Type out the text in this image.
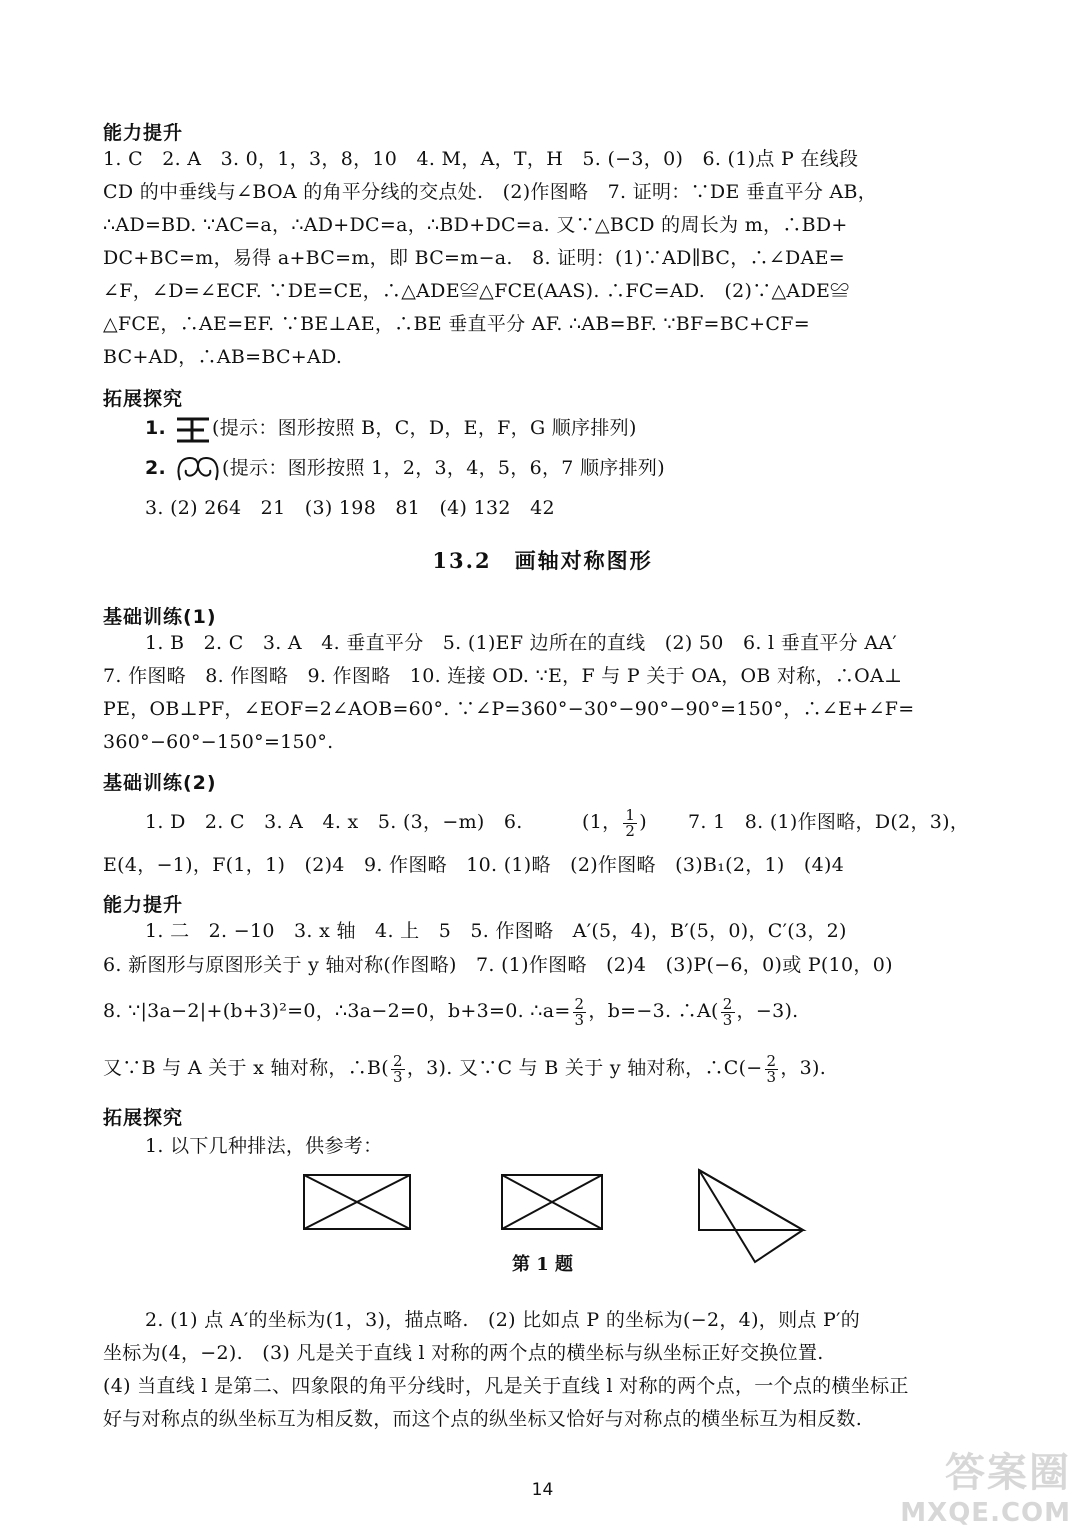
能力提升
1. C　2. A　3. 0，1，3，8，10　4. M，A，T，H　5. (−3，0)　6. (1)点 P 在线段
CD 的中垂线与∠BOA 的角平分线的交点处.　(2)作图略　7. 证明：∵DE 垂直平分 AB，
∴AD=BD. ∵AC=a，∴AD+DC=a，∴BD+DC=a. 又∵△BCD 的周长为 m，∴BD+
DC+BC=m，易得 a+BC=m，即 BC=m−a.　8. 证明：(1)∵AD∥BC，∴∠DAE=
∠F，∠D=∠ECF. ∵DE=CE，∴△ADE≌△FCE(AAS). ∴FC=AD.　(2)∵△ADE≌
△FCE，∴AE=EF. ∵BE⊥AE，∴BE 垂直平分 AF. ∴AB=BF. ∵BF=BC+CF=
BC+AD，∴AB=BC+AD.
拓展探究
1. (提示：图形按照 B，C，D，E，F，G 顺序排列)
2.	(提示：图形按照 1，2，3，4，5，6，7 顺序排列)
3. (2) 264　21　(3) 198　81　(4) 132　42
13.2　画轴对称图形
基础训练(1)
1. B　2. C　3. A　4. 垂直平分　5. (1)EF 边所在的直线　(2) 50　6. l 垂直平分 AA′
7. 作图略　8. 作图略　9. 作图略　10. 连接 OD. ∵E，F 与 P 关于 OA，OB 对称，∴OA⊥
PE，OB⊥PF，∠EOF=2∠AOB=60°. ∵∠P=360°−30°−90°−90°=150°，∴∠E+∠F=
360°−60°−150°=150°.
基础训练(2)
1. D　2. C　3. A　4. x　5. (3，−m)　6.	(1， $\frac{1}{2}$ ) 7. 1　8. (1)作图略，D(2，3)，
E(4，−1)，F(1，1)　(2)4　9. 作图略　10. (1)略　(2)作图略　(3)B₁(2，1)　(4)4
能力提升
1. 二　2. −10　3. x 轴　4. 上　5　5. 作图略　A′(5，4)，B′(5，0)，C′(3，2)
6. 新图形与原图形关于 y 轴对称(作图略)　7. (1)作图略　(2)4　(3)P(−6，0)或 P(10，0)
8. ∵|3a−2|+(b+3)²=0，∴3a−2=0，b+3=0. ∴a= $\frac{2}{3}$ ，b=−3. ∴A( $\frac{2}{3}$ ，−3).
又∵B 与 A 关于 x 轴对称，∴B( $\frac{2}{3}$ ，3). 又∵C 与 B 关于 y 轴对称，∴C(− $\frac{2}{3}$ ，3).
拓展探究
1. 以下几种排法，供参考：
第 1 题
2. (1) 点 A′的坐标为(1，3)，描点略.　(2) 比如点 P 的坐标为(−2，4)，则点 P′的
坐标为(4，−2).　(3) 凡是关于直线 l 对称的两个点的横坐标与纵坐标正好交换位置.
(4) 当直线 l 是第二、四象限的角平分线时，凡是关于直线 l 对称的两个点，一个点的横坐标正
好与对称点的纵坐标互为相反数，而这个点的纵坐标又恰好与对称点的横坐标互为相反数.
14	答案圈
MXQE.COM
